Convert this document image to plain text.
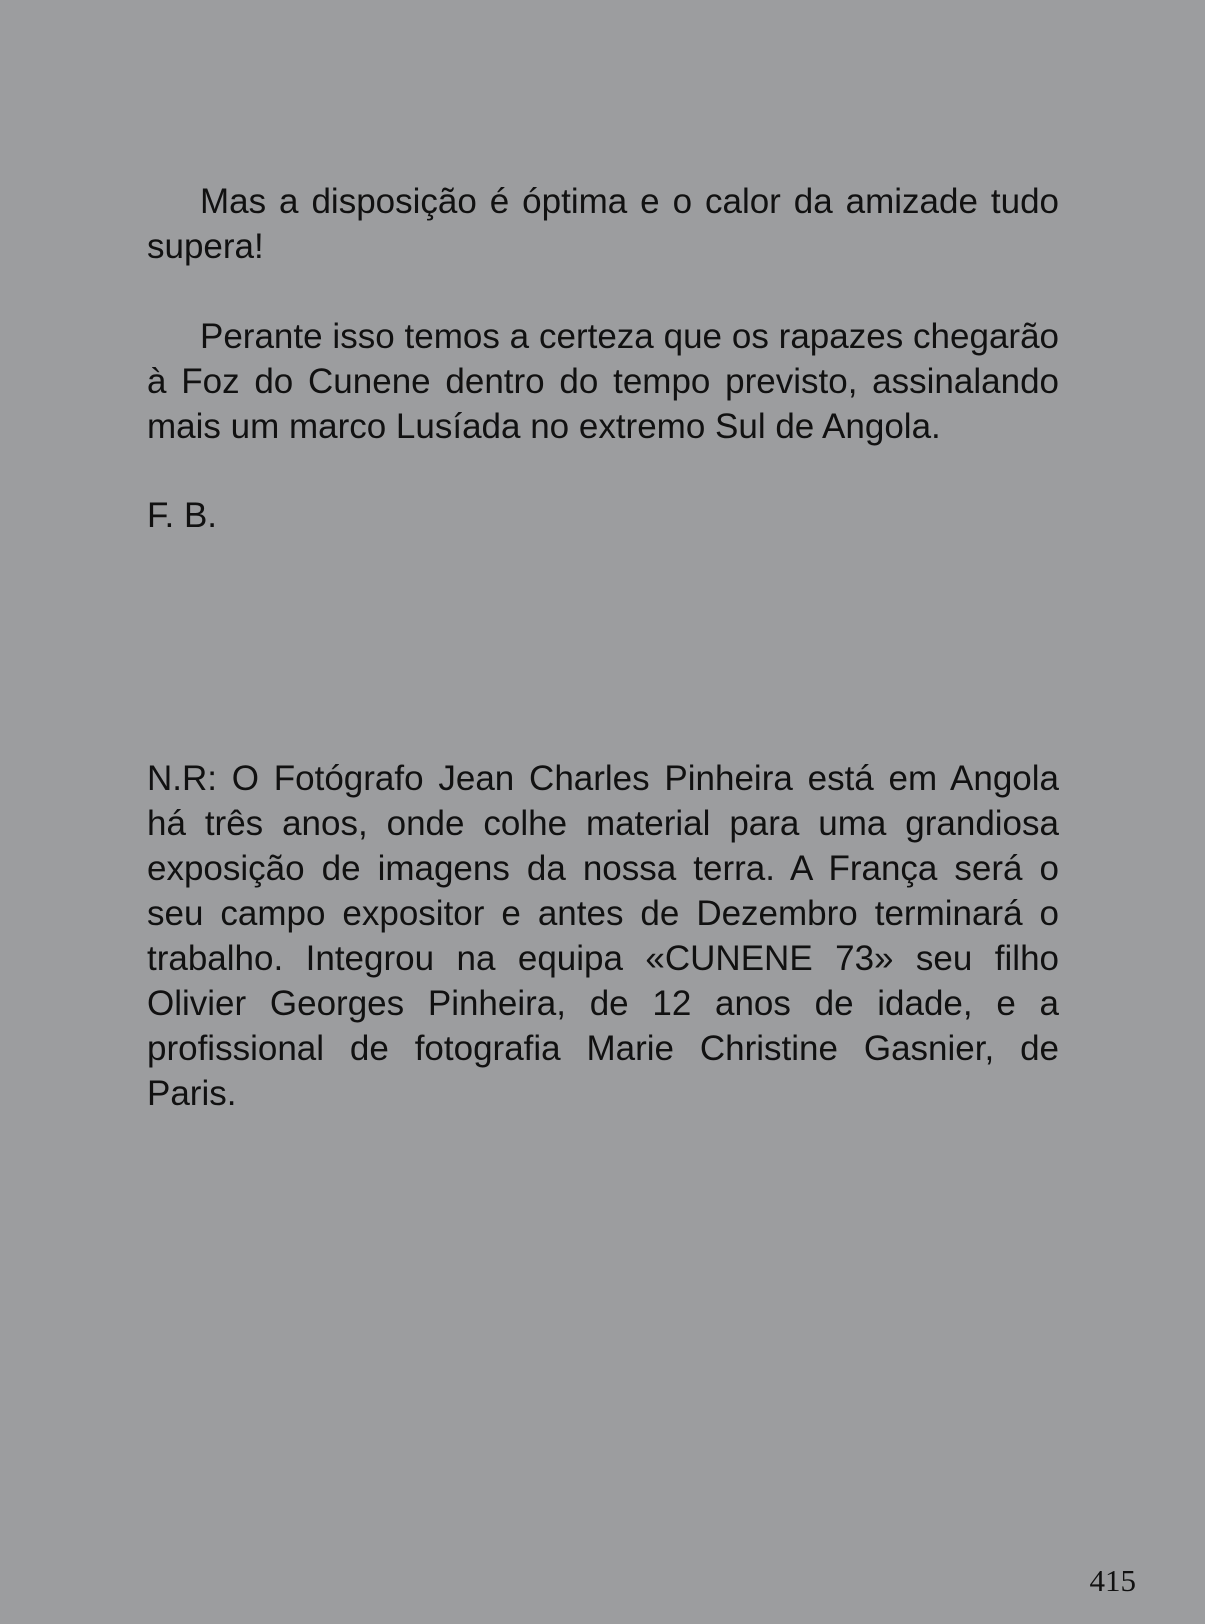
Mas a disposição é óptima e o calor da amizade tudo supera!

Perante isso temos a certeza que os rapazes chegarão à Foz do Cunene dentro do tempo previsto, assinalando mais um marco Lusíada no extremo Sul de Angola.

F. B.

N.R: O Fotógrafo Jean Charles Pinheira está em Angola há três anos, onde colhe material para uma grandiosa exposição de imagens da nossa terra. A França será o seu campo expositor e antes de Dezembro terminará o trabalho. Integrou na equipa «CUNENE 73» seu filho Olivier Georges Pinheira, de 12 anos de idade, e a profissional de fotografia Marie Christine Gasnier, de Paris.

415
